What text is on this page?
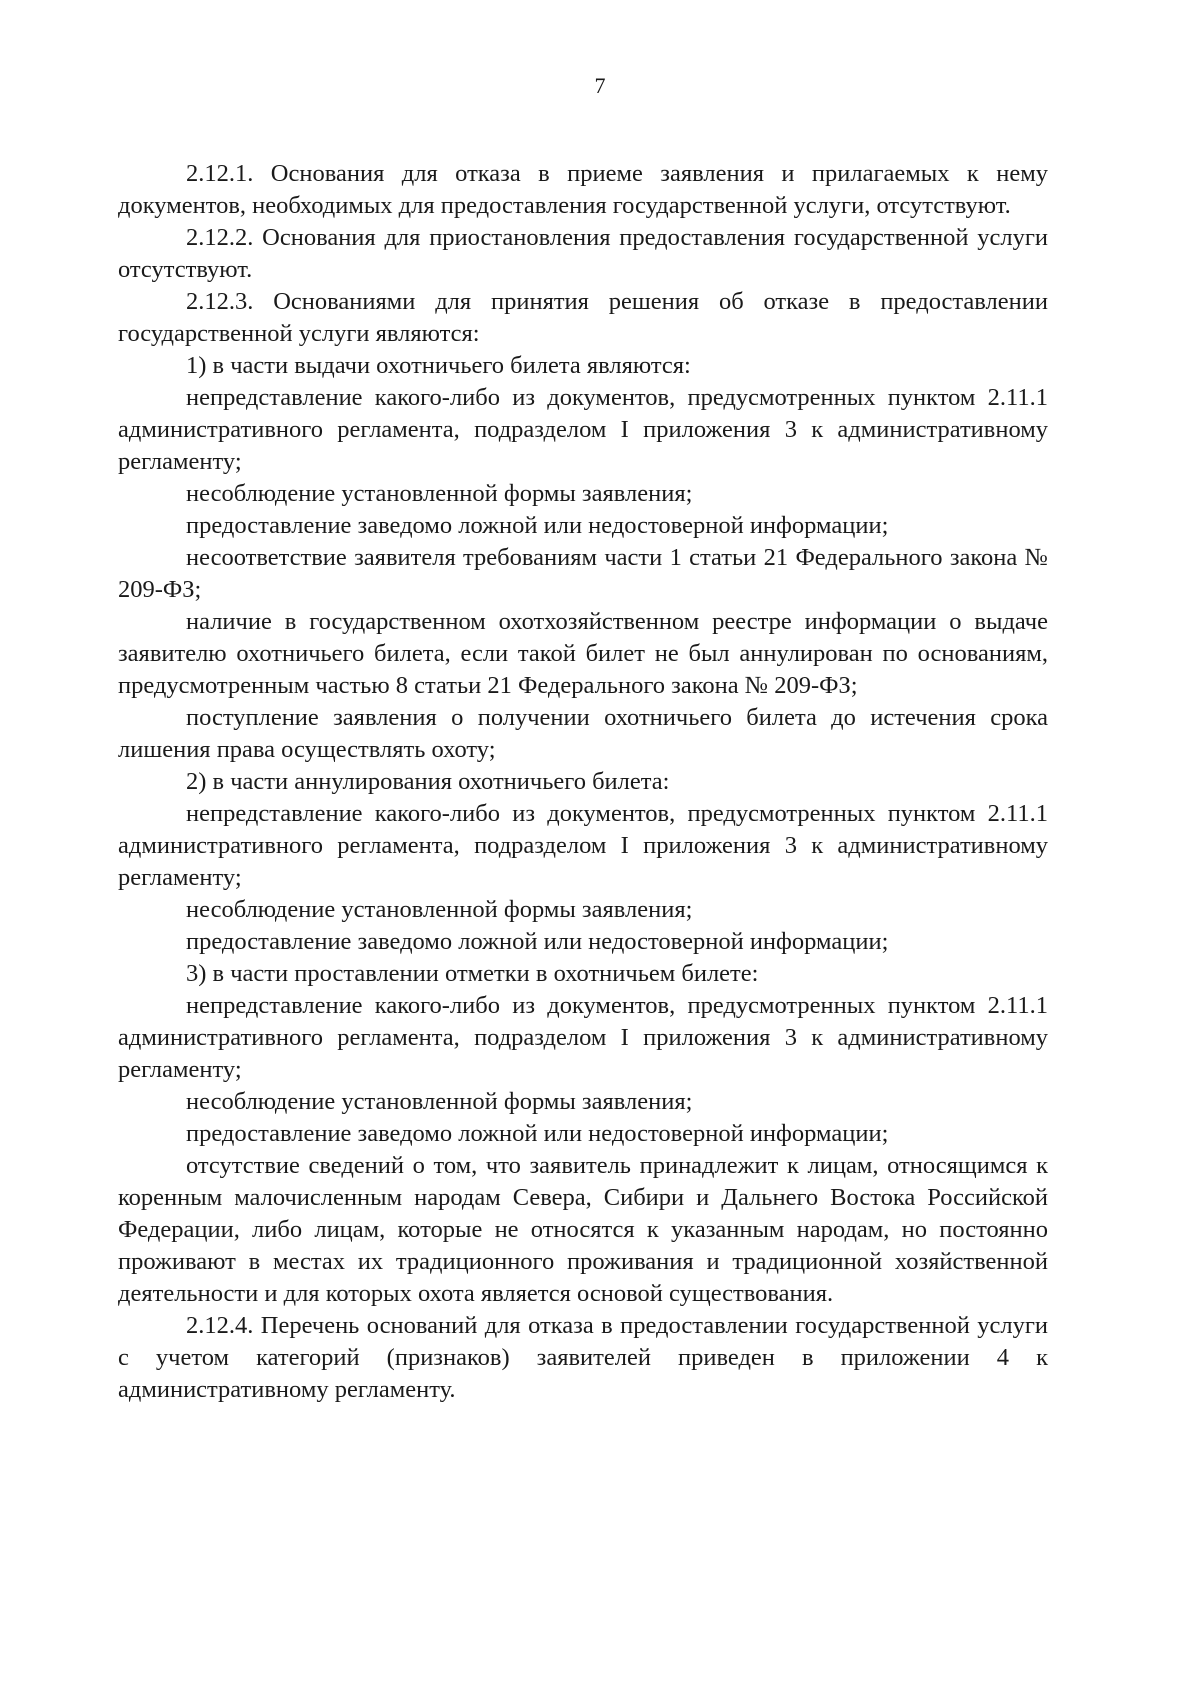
7

2.12.1. Основания для отказа в приеме заявления и прилагаемых к нему документов, необходимых для предоставления государственной услуги, отсутствуют.

2.12.2. Основания для приостановления предоставления государственной услуги отсутствуют.

2.12.3. Основаниями для принятия решения об отказе в предоставлении государственной услуги являются:

1) в части выдачи охотничьего билета являются:

непредставление какого-либо из документов, предусмотренных пунктом 2.11.1 административного регламента, подразделом I приложения 3 к административному регламенту;

несоблюдение установленной формы заявления;

предоставление заведомо ложной или недостоверной информации;

несоответствие заявителя требованиям части 1 статьи 21 Федерального закона № 209-ФЗ;

наличие в государственном охотхозяйственном реестре информации о выдаче заявителю охотничьего билета, если такой билет не был аннулирован по основаниям, предусмотренным частью 8 статьи 21 Федерального закона № 209-ФЗ;

поступление заявления о получении охотничьего билета до истечения срока лишения права осуществлять охоту;

2) в части аннулирования охотничьего билета:

непредставление какого-либо из документов, предусмотренных пунктом 2.11.1 административного регламента, подразделом I приложения 3 к административному регламенту;

несоблюдение установленной формы заявления;

предоставление заведомо ложной или недостоверной информации;

3) в части проставлении отметки в охотничьем билете:

непредставление какого-либо из документов, предусмотренных пунктом 2.11.1 административного регламента, подразделом I приложения 3 к административному регламенту;

несоблюдение установленной формы заявления;

предоставление заведомо ложной или недостоверной информации;

отсутствие сведений о том, что заявитель принадлежит к лицам, относящимся к коренным малочисленным народам Севера, Сибири и Дальнего Востока Российской Федерации, либо лицам, которые не относятся к указанным народам, но постоянно проживают в местах их традиционного проживания и традиционной хозяйственной деятельности и для которых охота является основой существования.

2.12.4. Перечень оснований для отказа в предоставлении государственной услуги с учетом категорий (признаков) заявителей приведен в приложении 4 к административному регламенту.
